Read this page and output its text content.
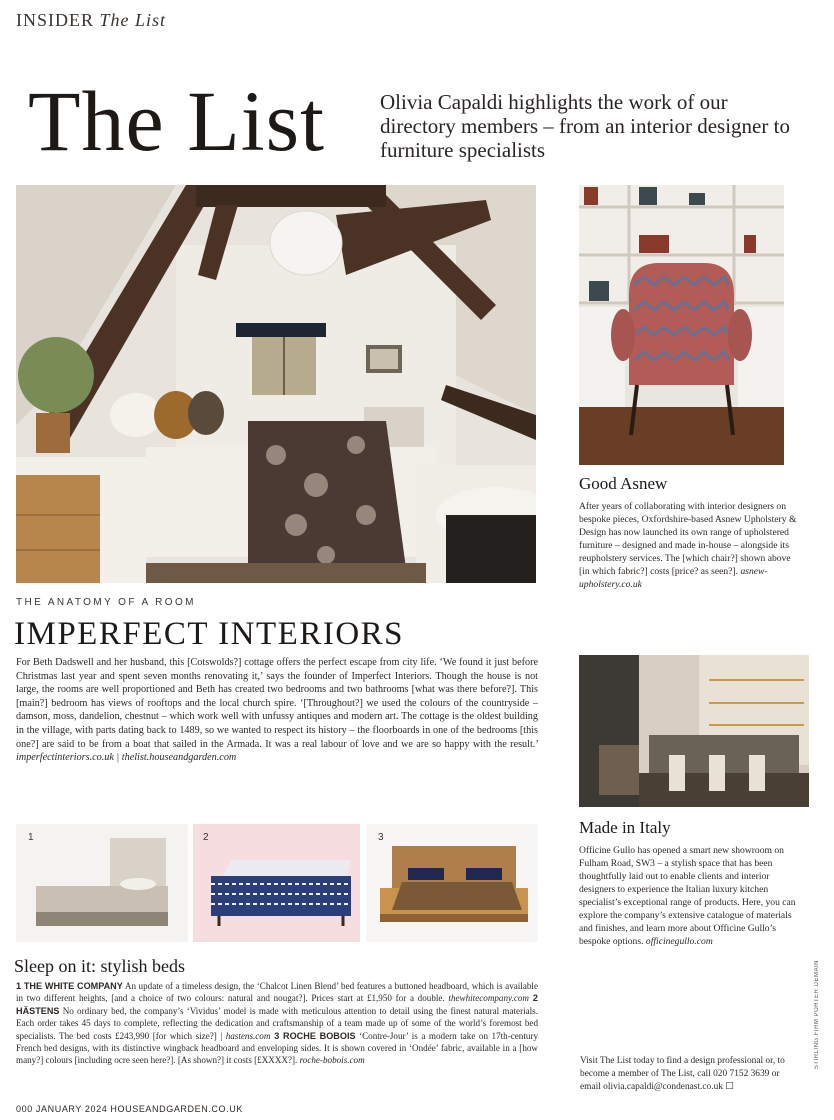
INSIDER The List
The List	Olivia Capaldi highlights the work of our directory members – from an interior designer to furniture specialists
Good Asnew
After years of collaborating with interior designers on bespoke pieces, Oxfordshire-based Asnew Upholstery & Design has now launched its own range of upholstered furniture – designed and made in-house – alongside its reupholstery services. The [which chair?] shown above [in which fabric?] costs [price? as seen?]. asnew-upholstery.co.uk
THE ANATOMY OF A ROOM
IMPERFECT INTERIORS
For Beth Dadswell and her husband, this [Cotswolds?] cottage offers the perfect escape from city life. ‘We found it just before Christmas last year and spent seven months renovating it,’ says the founder of Imperfect Interiors. Though the house is not large, the rooms are well proportioned and Beth has created two bedrooms and two bathrooms [what was there before?]. This [main?] bedroom has views of rooftops and the local church spire. ‘[Throughout?] we used the colours of the countryside – damson, moss, dandelion, chestnut – which work well with unfussy antiques and modern art. The cottage is the oldest building in the village, with parts dating back to 1489, so we wanted to respect its history – the floorboards in one of the bedrooms [this one?] are said to be from a boat that sailed in the Armada. It was a real labour of love and we are so happy with the result.’ imperfectinteriors.co.uk | thelist.houseandgarden.com
Made in Italy
Officine Gullo has opened a smart new showroom on Fulham Road, SW3 – a stylish space that has been thoughtfully laid out to enable clients and interior designers to experience the Italian luxury kitchen specialist’s exceptional range of products. Here, you can explore the company’s extensive catalogue of materials and finishes, and learn more about Officine Gullo’s bespoke options. officinegullo.com
1	2	3
Sleep on it: stylish beds
1 THE WHITE COMPANY An update of a timeless design, the ‘Chalcot Linen Blend’ bed features a buttoned headboard, which is available in two different heights, [and a choice of two colours: natural and nougat?]. Prices start at £1,950 for a double. thewhitecompany.com 2 HÄSTENS No ordinary bed, the company’s ‘Vividus’ model is made with meticulous attention to detail using the finest natural materials. Each order takes 45 days to complete, reflecting the dedication and craftsmanship of a team made up of some of the world’s foremost bed specialists. The bed costs £243,990 [for which size?] | hastens.com 3 ROCHE BOBOIS ‘Contre-Jour’ is a modern take on 17th-century French bed designs, with its distinctive wingback headboard and enveloping sides. It is shown covered in ‘Ondée’ fabric, available in a [how many?] colours [including ocre seen here?]. [As shown?] it costs [£XXXX?]. roche-bobois.com	Visit The List today to find a design professional or, to become a member of The List, call 020 7152 3639 or email olivia.capaldi@condenast.co.uk ☐
000 JANUARY 2024 HOUSEANDGARDEN.CO.UK
STIRLING FIRM PORTER DEMAIN
